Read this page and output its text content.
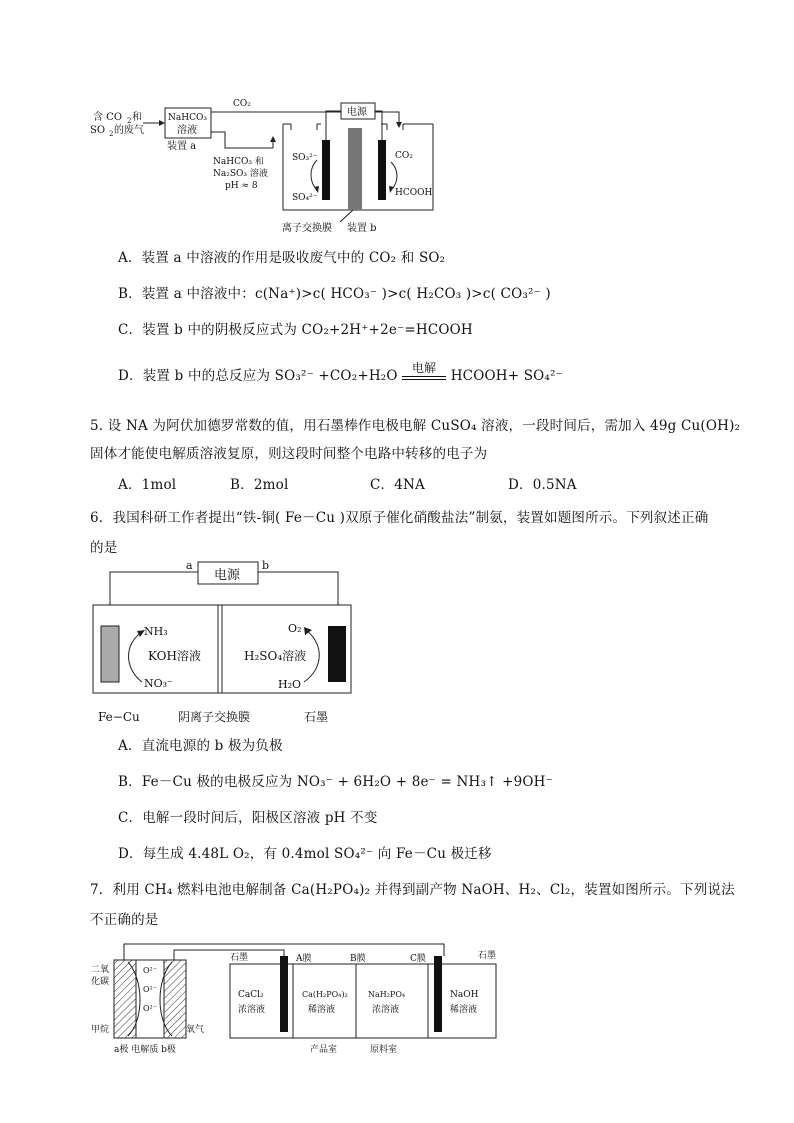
含 CO 2 和
SO 2 的废气
NaHCO₃
溶液
装置 a
CO₂
NaHCO₃ 和
Na₂SO₃ 溶液
pH ≈ 8
电源
SO₃²⁻
SO₄²⁻
CO₂
HCOOH
离子交换膜 装置 b
A．装置 a 中溶液的作用是吸收废气中的 CO₂ 和 SO₂
B．装置 a 中溶液中：c(Na⁺)>c( HCO₃⁻ )>c( H₂CO₃ )>c( CO₃²⁻ )
C．装置 b 中的阴极反应式为 CO₂+2H⁺+2e⁻=HCOOH
D．装置 b 中的总反应为 SO₃²⁻ +CO₂+H₂O
电解
HCOOH+ SO₄²⁻
5. 设 NA 为阿伏加德罗常数的值，用石墨棒作电极电解 CuSO₄ 溶液，一段时间后，需加入 49g Cu(OH)₂
固体才能使电解质溶液复原，则这段时间整个电路中转移的电子为
A．1mol	B．2mol	C．4NA	D．0.5NA
6．我国科研工作者提出“铁-铜( Fe－Cu )双原子催化硝酸盐法”制氨，装置如题图所示。下列叙述正确
的是
电源
a	b
NH₃
KOH溶液
NO₃⁻
O₂
H₂SO₄溶液
H₂O
Fe−Cu	阴离子交换膜	石墨
A．直流电源的 b 极为负极
B．Fe－Cu 极的电极反应为 NO₃⁻ + 6H₂O + 8e⁻ = NH₃↑ +9OH⁻
C．电解一段时间后，阳极区溶液 pH 不变
D．每生成 4.48L O₂，有 0.4mol SO₄²⁻ 向 Fe－Cu 极迁移
7．利用 CH₄ 燃料电池电解制备 Ca(H₂PO₄)₂ 并得到副产物 NaOH、H₂、Cl₂，装置如图所示。下列说法
不正确的是
O²⁻
O²⁻
O²⁻
二氧
化碳
甲烷	氧气
a极 电解质 b极
石墨	石墨
A膜	B膜	C膜
CaCl₂
浓溶液
Ca(H₂PO₄)₂
稀溶液
NaH₂PO₄
浓溶液
NaOH
稀溶液
产品室	原料室
